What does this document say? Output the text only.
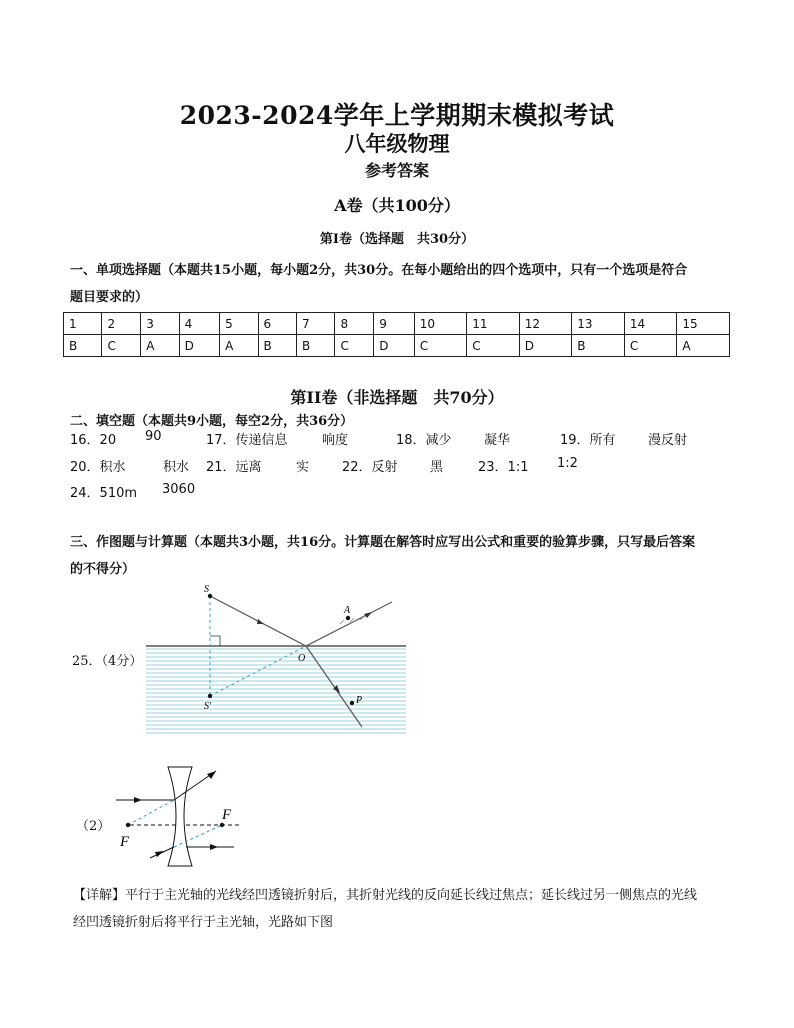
2023-2024学年上学期期末模拟考试
八年级物理
参考答案
A卷（共100分）
第I卷（选择题　共30分）
一、单项选择题（本题共15小题，每小题2分，共30分。在每小题给出的四个选项中，只有一个选项是符合
题目要求的）
1	2	3	4	5	6	7	8	9	10	11	12	13	14	15
B	C	A	D	A	B	B	C	D	C	C	D	B	C	A
第II卷（非选择题　共70分）
二、填空题（本题共9小题，每空2分，共36分）
16．20 90	17．传递信息	响度	18．减少 凝华	19．所有 漫反射
20．积水	积水 21．远离	实	22．反射 黑	23．1:1 1:2
24．510m 3060
三、作图题与计算题（本题共3小题，共16分。计算题在解答时应写出公式和重要的验算步骤，只写最后答案
的不得分）
25．（4分）
S
A
O
S′
P
（2）
F
F
【详解】平行于主光轴的光线经凹透镜折射后，其折射光线的反向延长线过焦点；延长线过另一侧焦点的光线
经凹透镜折射后将平行于主光轴，光路如下图
